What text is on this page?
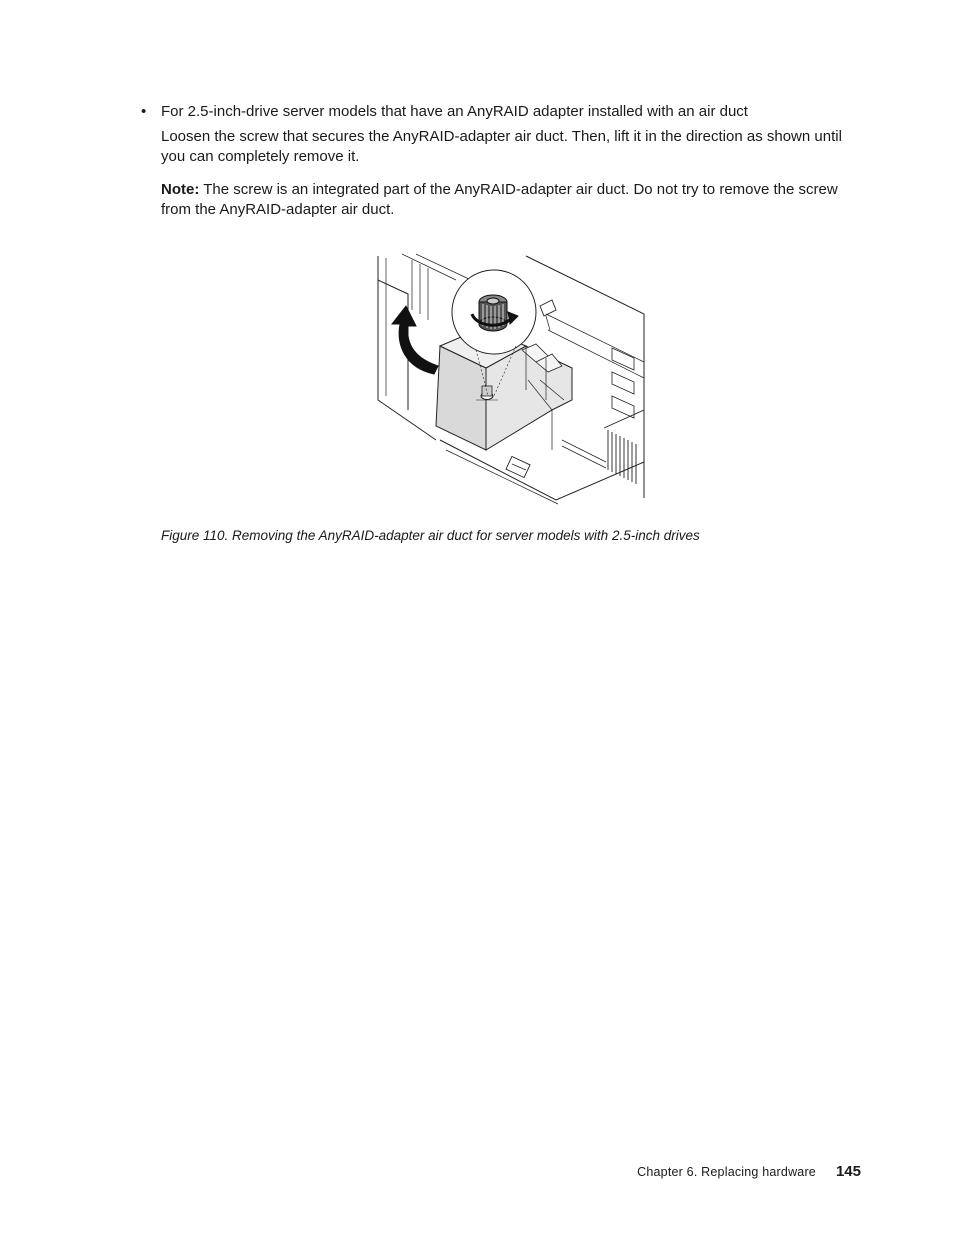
• For 2.5-inch-drive server models that have an AnyRAID adapter installed with an air duct
Loosen the screw that secures the AnyRAID-adapter air duct. Then, lift it in the direction as shown until you can completely remove it.
Note: The screw is an integrated part of the AnyRAID-adapter air duct. Do not try to remove the screw from the AnyRAID-adapter air duct.
Figure 110. Removing the AnyRAID-adapter air duct for server models with 2.5-inch drives
Chapter 6. Replacing hardware 145
